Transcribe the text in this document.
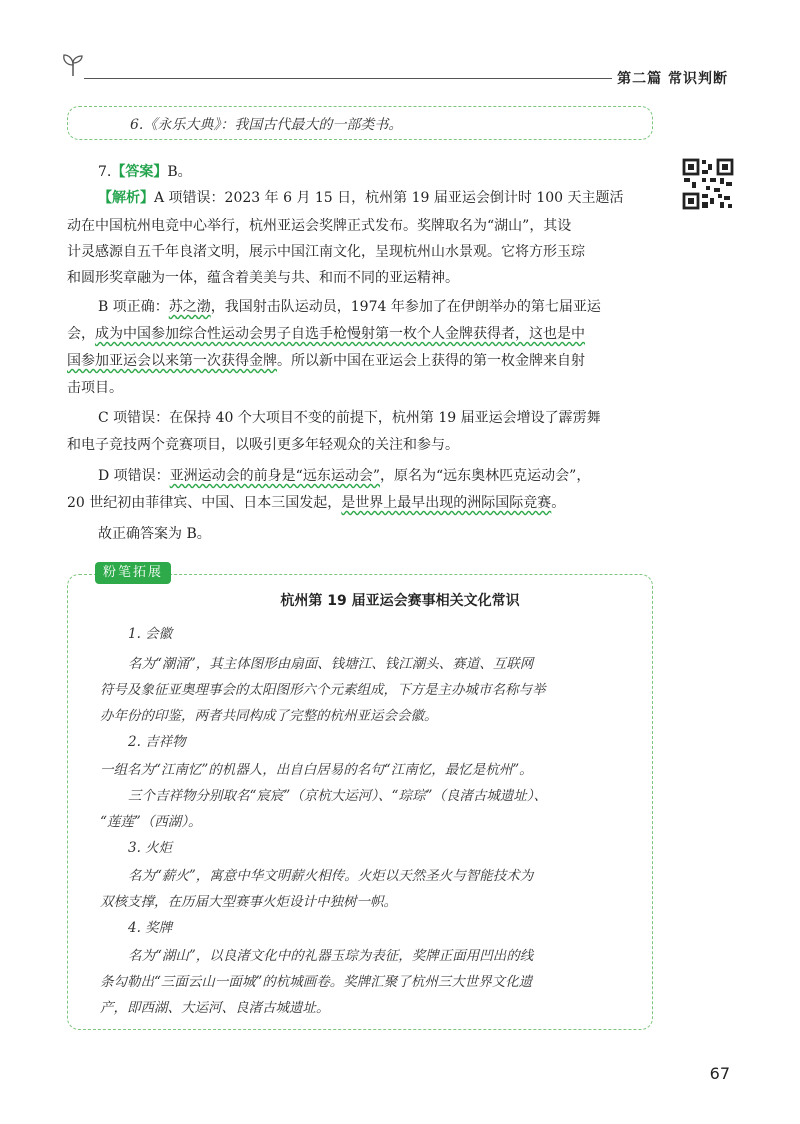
第二篇 常识判断
6.《永乐大典》：我国古代最大的一部类书。
7.【答案】B。
【解析】A 项错误：2023 年 6 月 15 日，杭州第 19 届亚运会倒计时 100 天主题活
动在中国杭州电竞中心举行，杭州亚运会奖牌正式发布。奖牌取名为“湖山”，其设
计灵感源自五千年良渚文明，展示中国江南文化，呈现杭州山水景观。它将方形玉琮
和圆形奖章融为一体，蕴含着美美与共、和而不同的亚运精神。
B 项正确：苏之渤，我国射击队运动员，1974 年参加了在伊朗举办的第七届亚运
会，成为中国参加综合性运动会男子自选手枪慢射第一枚个人金牌获得者，这也是中
国参加亚运会以来第一次获得金牌。所以新中国在亚运会上获得的第一枚金牌来自射
击项目。
C 项错误：在保持 40 个大项目不变的前提下，杭州第 19 届亚运会增设了霹雳舞
和电子竞技两个竞赛项目，以吸引更多年轻观众的关注和参与。
D 项错误：亚洲运动会的前身是“远东运动会”，原名为“远东奥林匹克运动会”，
20 世纪初由菲律宾、中国、日本三国发起，是世界上最早出现的洲际国际竞赛。
故正确答案为 B。
粉笔拓展
杭州第 19 届亚运会赛事相关文化常识
1. 会徽
名为“潮涌”，其主体图形由扇面、钱塘江、钱江潮头、赛道、互联网
符号及象征亚奥理事会的太阳图形六个元素组成，下方是主办城市名称与举
办年份的印鉴，两者共同构成了完整的杭州亚运会会徽。
2. 吉祥物
一组名为“江南忆”的机器人，出自白居易的名句“江南忆，最忆是杭州”。
三个吉祥物分别取名“宸宸”（京杭大运河）、“琮琮”（良渚古城遗址）、
“莲莲”（西湖）。
3. 火炬
名为“薪火”，寓意中华文明薪火相传。火炬以天然圣火与智能技术为
双核支撑，在历届大型赛事火炬设计中独树一帜。
4. 奖牌
名为“湖山”，以良渚文化中的礼器玉琮为表征，奖牌正面用凹出的线
条勾勒出“三面云山一面城”的杭城画卷。奖牌汇聚了杭州三大世界文化遗
产，即西湖、大运河、良渚古城遗址。
67
